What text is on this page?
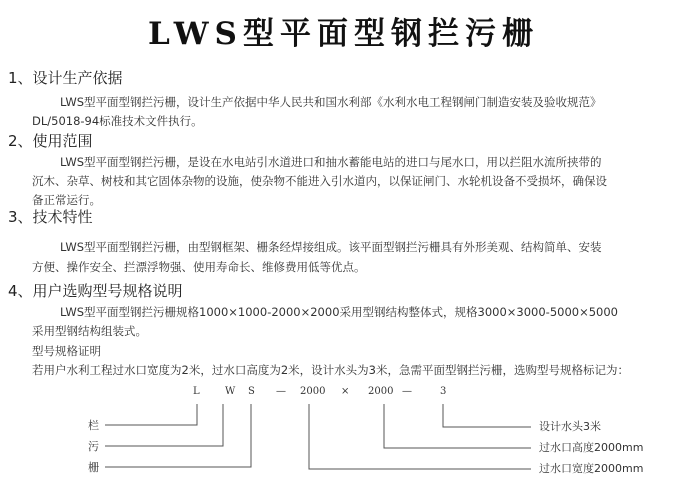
LWS型平面型钢拦污栅
1、设计生产依据
LWS型平面型钢拦污栅，设计生产依据中华人民共和国水利部《水利水电工程钢闸门制造安装及验收规范》
DL/5018-94标准技术文件执行。
2、使用范围
LWS型平面型钢拦污栅，是设在水电站引水道进口和抽水蓄能电站的进口与尾水口，用以拦阻水流所挟带的
沉木、杂草、树枝和其它固体杂物的设施，使杂物不能进入引水道内，以保证闸门、水轮机设备不受损坏，确保设
备正常运行。
3、技术特性
LWS型平面型钢拦污栅，由型钢框架、栅条经焊接组成。该平面型钢拦污栅具有外形美观、结构简单、安装
方便、操作安全、拦漂浮物强、使用寿命长、维修费用低等优点。
4、用户选购型号规格说明
LWS型平面型钢拦污栅规格1000×1000-2000×2000采用型钢结构整体式，规格3000×3000-5000×5000
采用型钢结构组装式。
型号规格证明
若用户水利工程过水口宽度为2米，过水口高度为2米，设计水头为3米，急需平面型钢拦污栅，选购型号规格标记为：
L	W S — 2000 × 2000 —	3
栏
污
栅
设计水头3米
过水口高度2000mm
过水口宽度2000mm
